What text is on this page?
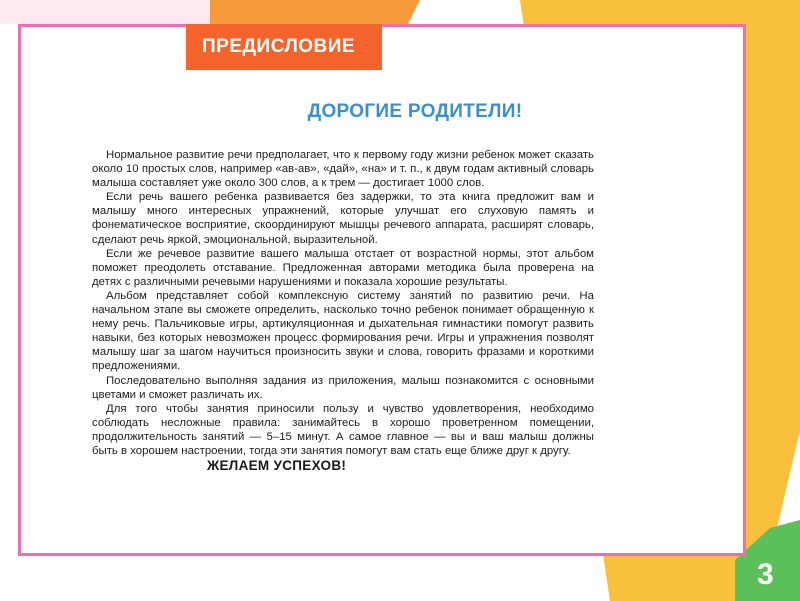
ПРЕДИСЛОВИЕ
ДОРОГИЕ РОДИТЕЛИ!

Нормальное развитие речи предполагает, что к первому году жизни ребенок может сказать около 10 простых слов, например «ав-ав», «дай», «на» и т. п., к двум годам активный словарь малыша составляет уже около 300 слов, а к трем — достигает 1000 слов.

Если речь вашего ребенка развивается без задержки, то эта книга предложит вам и малышу много интересных упражнений, которые улучшат его слуховую память и фонематическое восприятие, скоординируют мышцы речевого аппарата, расширят словарь, сделают речь яркой, эмоциональной, выразительной.

Если же речевое развитие вашего малыша отстает от возрастной нормы, этот альбом поможет преодолеть отставание. Предложенная авторами методика была проверена на детях с различными речевыми нарушениями и показала хорошие результаты.

Альбом представляет собой комплексную систему занятий по развитию речи. На начальном этапе вы сможете определить, насколько точно ребенок понимает обращенную к нему речь. Пальчиковые игры, артикуляционная и дыхательная гимнастики помогут развить навыки, без которых невозможен процесс формирования речи. Игры и упражнения позволят малышу шаг за шагом научиться произносить звуки и слова, говорить фразами и короткими предложениями.

Последовательно выполняя задания из приложения, малыш познакомится с основными цветами и сможет различать их.

Для того чтобы занятия приносили пользу и чувство удовлетворения, необходимо соблюдать несложные правила: занимайтесь в хорошо проветренном помещении, продолжительность занятий — 5–15 минут. А самое главное — вы и ваш малыш должны быть в хорошем настроении, тогда эти занятия помогут вам стать еще ближе друг к другу.

ЖЕЛАЕМ УСПЕХОВ!
3
